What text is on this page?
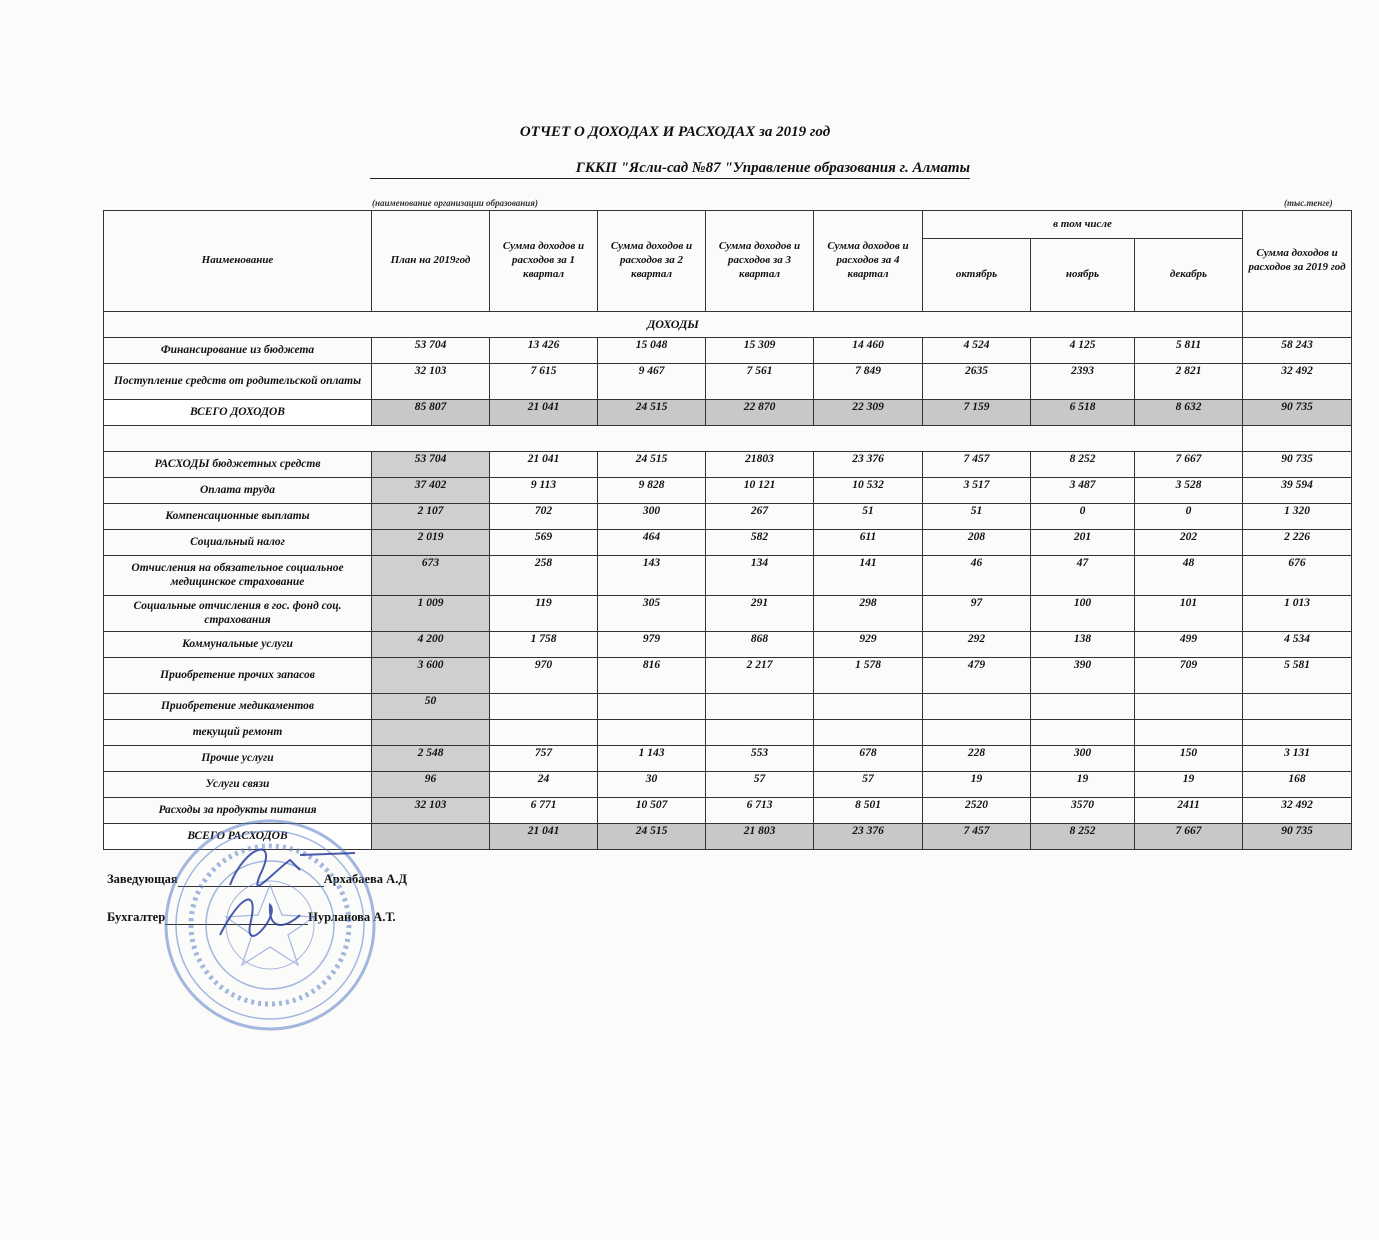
ОТЧЕТ О ДОХОДАХ И РАСХОДАХ за 2019 год
ГККП "Ясли-сад №87 "Управление образования г. Алматы
(наименование организации образования)	(тыс.тенге)
Наименование	План на 2019год	Сумма доходов и расходов за 1 квартал	Сумма доходов и расходов за 2 квартал	Сумма доходов и расходов за 3 квартал	Сумма доходов и расходов за 4 квартал	в том числе			Сумма доходов и расходов за 2019 год
						октябрь	ноябрь	декабрь	
ДОХОДЫ									
Финансирование из бюджета	53 704	13 426	15 048	15 309	14 460	4 524	4 125	5 811	58 243
Поступление средств от родительской оплаты	32 103	7 615	9 467	7 561	7 849	2635	2393	2 821	32 492
ВСЕГО ДОХОДОВ	85 807	21 041	24 515	22 870	22 309	7 159	6 518	8 632	90 735

РАСХОДЫ бюджетных средств	53 704	21 041	24 515	21803	23 376	7 457	8 252	7 667	90 735
Оплата труда	37 402	9 113	9 828	10 121	10 532	3 517	3 487	3 528	39 594
Компенсационные выплаты	2 107	702	300	267	51	51	0	0	1 320
Социальный налог	2 019	569	464	582	611	208	201	202	2 226
Отчисления на обязательное социальное медицинское страхование	673	258	143	134	141	46	47	48	676
Социальные отчисления в гос. фонд соц. страхования	1 009	119	305	291	298	97	100	101	1 013
Коммунальные услуги	4 200	1 758	979	868	929	292	138	499	4 534
Приобретение прочих запасов	3 600	970	816	2 217	1 578	479	390	709	5 581
Приобретение медикаментов	50								
текущий ремонт									
Прочие услуги	2 548	757	1 143	553	678	228	300	150	3 131
Услуги связи	96	24	30	57	57	19	19	19	168
Расходы за продукты питания	32 103	6 771	10 507	6 713	8 501	2520	3570	2411	32 492
ВСЕГО РАСХОДОВ		21 041	24 515	21 803	23 376	7 457	8 252	7 667	90 735
Заведующая	Архабаева А.Д
Бухгалтер	Нурланова А.Т.
